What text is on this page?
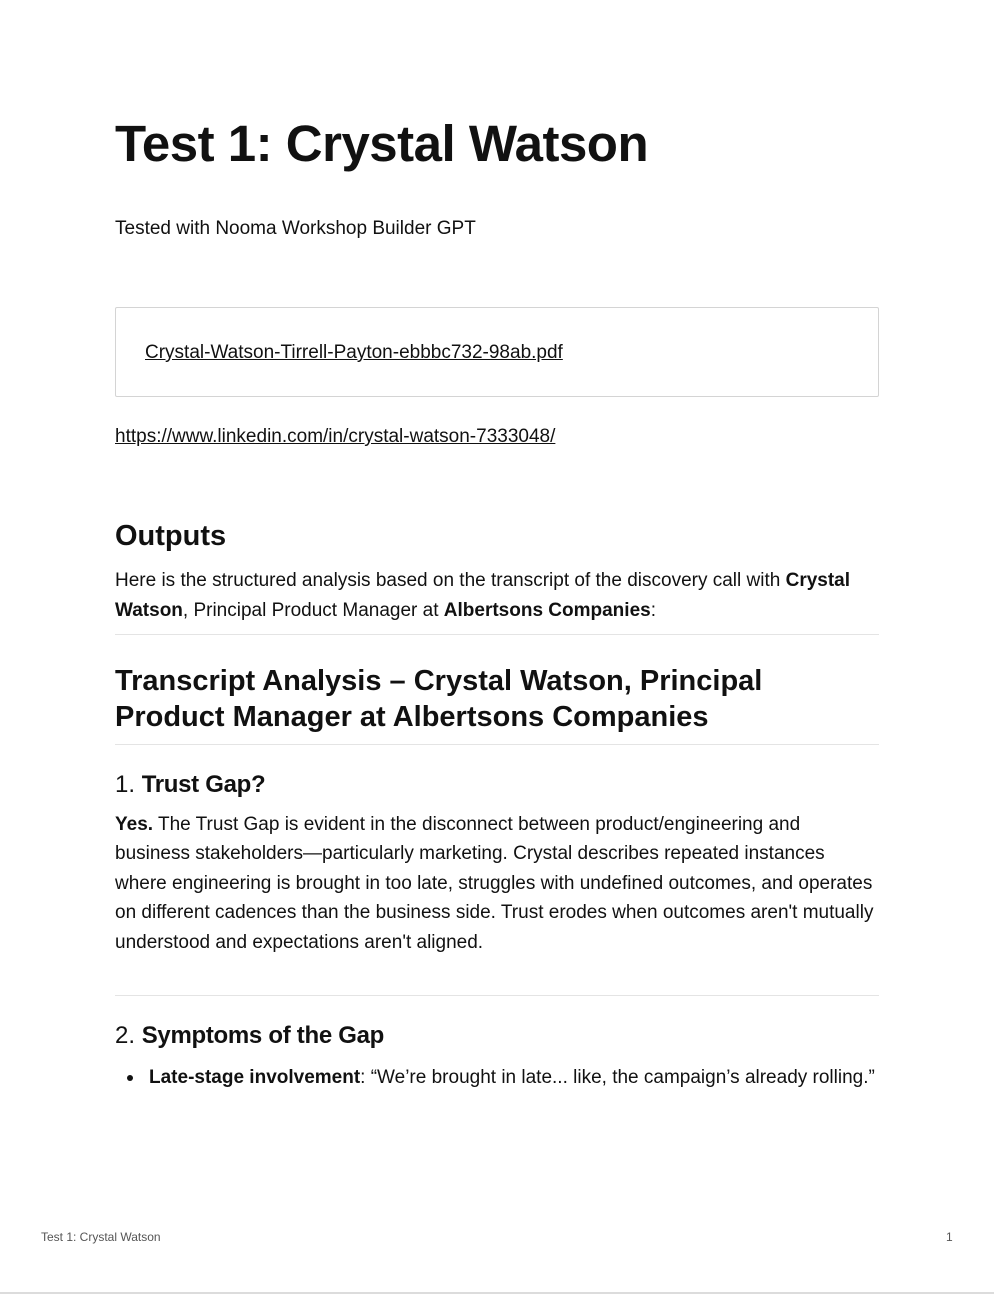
Test 1: Crystal Watson

Tested with Nooma Workshop Builder GPT

Crystal-Watson-Tirrell-Payton-ebbbc732-98ab.pdf
https://www.linkedin.com/in/crystal-watson-7333048/
Outputs

Here is the structured analysis based on the transcript of the discovery call with Crystal Watson, Principal Product Manager at Albertsons Companies:

Transcript Analysis – Crystal Watson, Principal Product Manager at Albertsons Companies
1. Trust Gap?

Yes. The Trust Gap is evident in the disconnect between product/engineering and business stakeholders—particularly marketing. Crystal describes repeated instances where engineering is brought in too late, struggles with undefined outcomes, and operates on different cadences than the business side. Trust erodes when outcomes aren't mutually understood and expectations aren't aligned.

2. Symptoms of the Gap
Late-stage involvement: “We’re brought in late... like, the campaign’s already rolling.”
Test 1: Crystal Watson	1
